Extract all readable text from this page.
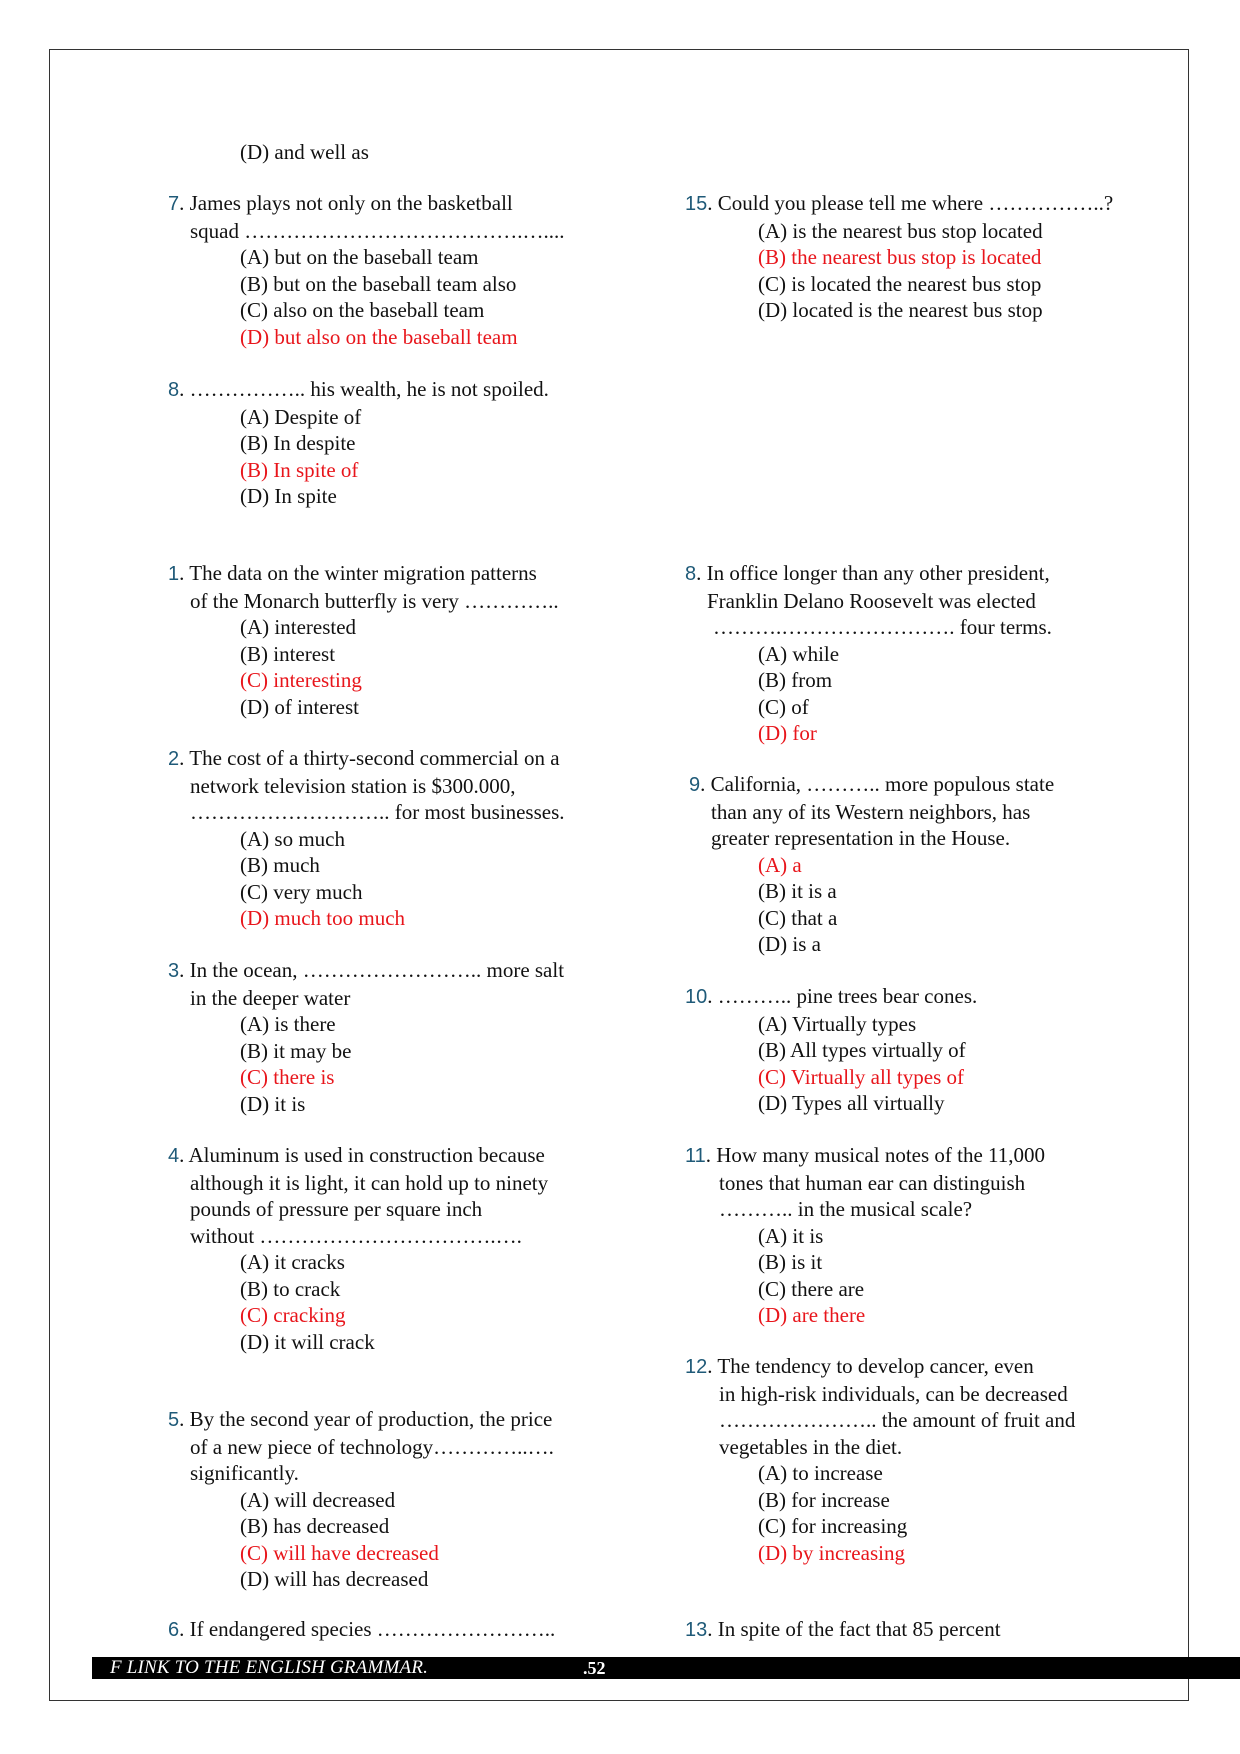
(D) and well as
7. James plays not only on the basketball
squad ………………………………….…....
(A) but on the baseball team
(B) but on the baseball team also
(C) also on the baseball team
(D) but also on the baseball team
8. …………….. his wealth, he is not spoiled.
(A) Despite of
(B) In despite
(B) In spite of
(D) In spite
1. The data on the winter migration patterns
of the Monarch butterfly is very …………..
(A) interested
(B) interest
(C) interesting
(D) of interest
2. The cost of a thirty-second commercial on a
network television station is $300.000,
……………………….. for most businesses.
(A) so much
(B) much
(C) very much
(D) much too much
3. In the ocean, …………………….. more salt
in the deeper water
(A) is there
(B) it may be
(C) there is
(D) it is
4. Aluminum is used in construction because
although it is light, it can hold up to ninety
pounds of pressure per square inch
without …………………………….….
(A) it cracks
(B) to crack
(C) cracking
(D) it will crack
5. By the second year of production, the price
of a new piece of technology…………..….
significantly.
(A) will decreased
(B) has decreased
(C) will have decreased
(D) will has decreased
6. If endangered species ……………………..
15. Could you please tell me where ……………..?
(A) is the nearest bus stop located
(B) the nearest bus stop is located
(C) is located the nearest bus stop
(D) located is the nearest bus stop
8. In office longer than any other president,
Franklin Delano Roosevelt was elected
……….……………………. four terms.
(A) while
(B) from
(C) of
(D) for
9. California, ……….. more populous state
than any of its Western neighbors, has
greater representation in the House.
(A) a
(B) it is a
(C) that a
(D) is a
10. ……….. pine trees bear cones.
(A) Virtually types
(B) All types virtually of
(C) Virtually all types of
(D) Types all virtually
11. How many musical notes of the 11,000
tones that human ear can distinguish
……….. in the musical scale?
(A) it is
(B) is it
(C) there are
(D) are there
12. The tendency to develop cancer, even
in high-risk individuals, can be decreased
………………….. the amount of fruit and
vegetables in the diet.
(A) to increase
(B) for increase
(C) for increasing
(D) by increasing
13. In spite of the fact that 85 percent
F LINK TO THE ENGLISH GRAMMAR.	.52
